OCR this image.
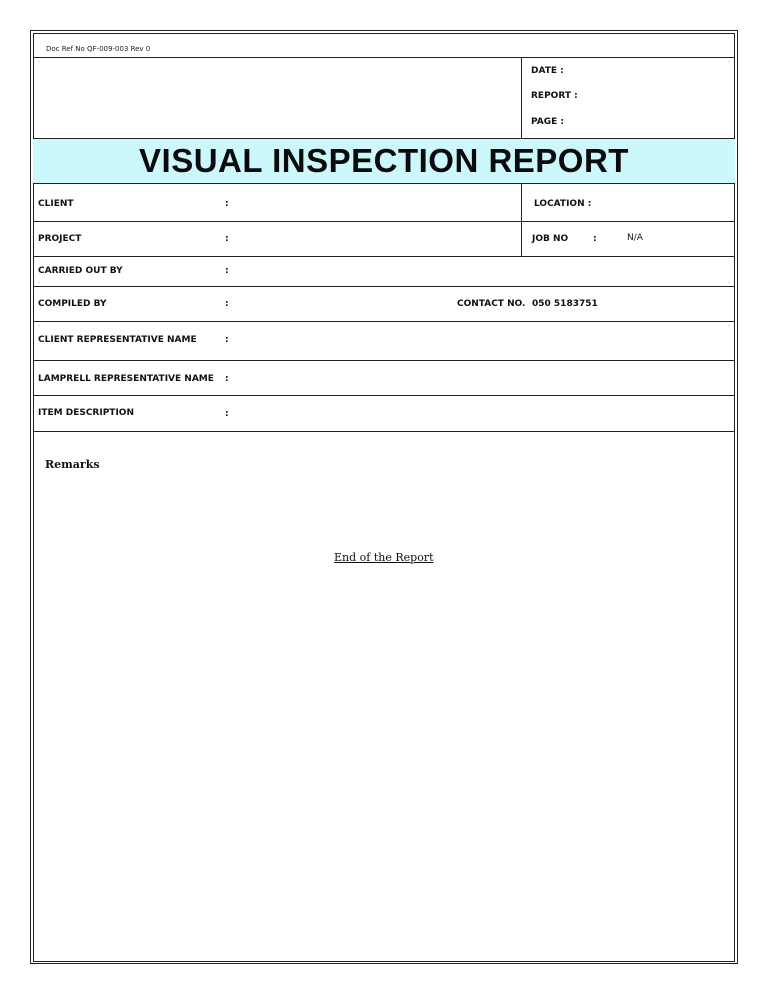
Doc Ref No QF-009-003 Rev 0
DATE :
REPORT :
PAGE :
VISUAL INSPECTION REPORT
CLIENT	:	LOCATION :
PROJECT	:	JOB NO	:	N/A
CARRIED OUT BY	:
COMPILED BY	:	CONTACT NO. 050 5183751
CLIENT REPRESENTATIVE NAME	:
LAMPRELL REPRESENTATIVE NAME :
ITEM DESCRIPTION	:
Remarks
End of the Report
